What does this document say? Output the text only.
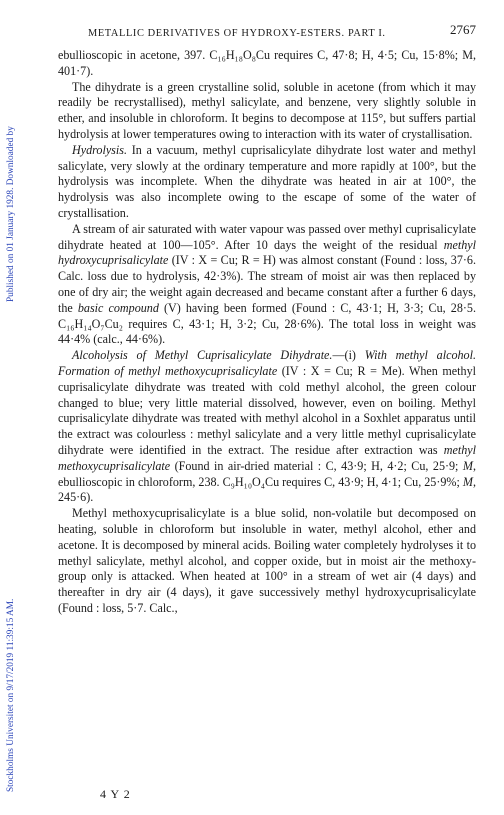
Published on 01 January 1928. Downloaded by
Stockholms Universitet on 9/17/2019 11:39:15 AM.
METALLIC DERIVATIVES OF HYDROXY-ESTERS. PART I.	2767

ebullioscopic in acetone, 397. C₁₆H₁₈O₈Cu requires C, 47·8; H, 4·5; Cu, 15·8%; M, 401·7).

The dihydrate is a green crystalline solid, soluble in acetone (from which it may readily be recrystallised), methyl salicylate, and benzene, very slightly soluble in ether, and insoluble in chloroform. It begins to decompose at 115°, but suffers partial hydrolysis at lower temperatures owing to interaction with its water of crystallisation.

Hydrolysis. In a vacuum, methyl cuprisalicylate dihydrate lost water and methyl salicylate, very slowly at the ordinary temperature and more rapidly at 100°, but the hydrolysis was incomplete. When the dihydrate was heated in air at 100°, the hydrolysis was also incomplete owing to the escape of some of the water of crystallisation.

A stream of air saturated with water vapour was passed over methyl cuprisalicylate dihydrate heated at 100—105°. After 10 days the weight of the residual methyl hydroxycuprisalicylate (IV : X = Cu; R = H) was almost constant (Found : loss, 37·6. Calc. loss due to hydrolysis, 42·3%). The stream of moist air was then replaced by one of dry air; the weight again decreased and became constant after a further 6 days, the basic compound (V) having been formed (Found : C, 43·1; H, 3·3; Cu, 28·5. C₁₆H₁₄O₇Cu₂ requires C, 43·1; H, 3·2; Cu, 28·6%). The total loss in weight was 44·4% (calc., 44·6%).

Alcoholysis of Methyl Cuprisalicylate Dihydrate.—(i) With methyl alcohol. Formation of methyl methoxycuprisalicylate (IV : X = Cu; R = Me). When methyl cuprisalicylate dihydrate was treated with cold methyl alcohol, the green colour changed to blue; very little material dissolved, however, even on boiling. Methyl cuprisalicylate dihydrate was treated with methyl alcohol in a Soxhlet apparatus until the extract was colourless : methyl salicylate and a very little methyl cuprisalicylate dihydrate were identified in the extract. The residue after extraction was methyl methoxycuprisalicylate (Found in air-dried material : C, 43·9; H, 4·2; Cu, 25·9; M, ebullioscopic in chloroform, 238. C₉H₁₀O₄Cu requires C, 43·9; H, 4·1; Cu, 25·9%; M, 245·6).

Methyl methoxycuprisalicylate is a blue solid, non-volatile but decomposed on heating, soluble in chloroform but insoluble in water, methyl alcohol, ether and acetone. It is decomposed by mineral acids. Boiling water completely hydrolyses it to methyl salicylate, methyl alcohol, and copper oxide, but in moist air the methoxy-group only is attacked. When heated at 100° in a stream of wet air (4 days) and thereafter in dry air (4 days), it gave successively methyl hydroxycuprisalicylate (Found : loss, 5·7. Calc.,

4 Y 2
